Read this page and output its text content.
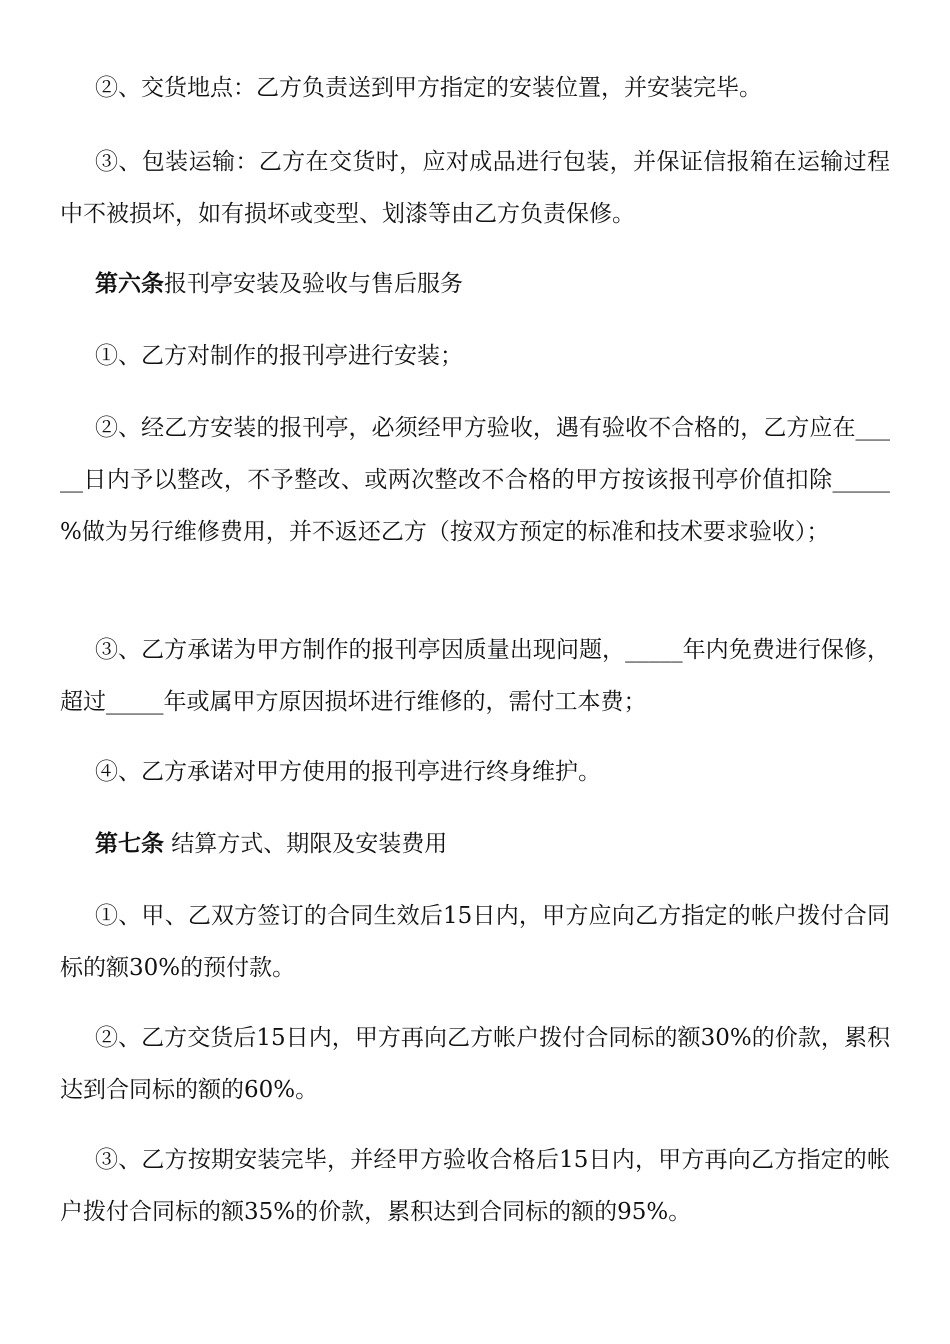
②、交货地点：乙方负责送到甲方指定的安装位置，并安装完毕。

③、包装运输：乙方在交货时，应对成品进行包装，并保证信报箱在运输过程中不被损坏，如有损坏或变型、划漆等由乙方负责保修。

第六条报刊亭安装及验收与售后服务

①、乙方对制作的报刊亭进行安装；

②、经乙方安装的报刊亭，必须经甲方验收，遇有验收不合格的，乙方应在_____日内予以整改，不予整改、或两次整改不合格的甲方按该报刊亭价值扣除_____ %做为另行维修费用，并不返还乙方（按双方预定的标准和技术要求验收）；

③、乙方承诺为甲方制作的报刊亭因质量出现问题，_____年内免费进行保修，超过_____年或属甲方原因损坏进行维修的，需付工本费；

④、乙方承诺对甲方使用的报刊亭进行终身维护。

第七条 结算方式、期限及安装费用

①、甲、乙双方签订的合同生效后15日内，甲方应向乙方指定的帐户拨付合同标的额30%的预付款。

②、乙方交货后15日内，甲方再向乙方帐户拨付合同标的额30%的价款，累积达到合同标的额的60%。

③、乙方按期安装完毕，并经甲方验收合格后15日内，甲方再向乙方指定的帐户拨付合同标的额35%的价款，累积达到合同标的额的95%。
